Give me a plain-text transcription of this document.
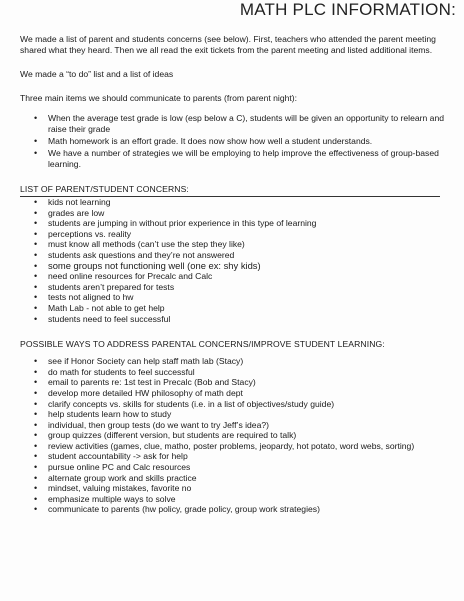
MATH PLC INFORMATION:

We made a list of parent and students concerns (see below). First, teachers who attended the parent meeting shared what they heard. Then we all read the exit tickets from the parent meeting and listed additional items.

We made a “to do” list and a list of ideas

Three main items we should communicate to parents (from parent night):

• When the average test grade is low (esp below a C), students will be given an opportunity to relearn and raise their grade
• Math homework is an effort grade. It does now show how well a student understands.
• We have a number of strategies we will be employing to help improve the effectiveness of group-based learning.
LIST OF PARENT/STUDENT CONCERNS:
• kids not learning
• grades are low
• students are jumping in without prior experience in this type of learning
• perceptions vs. reality
• must know all methods (can’t use the step they like)
• students ask questions and they’re not answered
• some groups not functioning well (one ex: shy kids)
• need online resources for Precalc and Calc
• students aren’t prepared for tests
• tests not aligned to hw
• Math Lab - not able to get help
• students need to feel successful
POSSIBLE WAYS TO ADDRESS PARENTAL CONCERNS/IMPROVE STUDENT LEARNING:
• see if Honor Society can help staff math lab (Stacy)
• do math for students to feel successful
• email to parents re: 1st test in Precalc (Bob and Stacy)
• develop more detailed HW philosophy of math dept
• clarify concepts vs. skills for students (i.e. in a list of objectives/study guide)
• help students learn how to study
• individual, then group tests (do we want to try Jeff’s idea?)
• group quizzes (different version, but students are required to talk)
• review activities (games, clue, matho, poster problems, jeopardy, hot potato, word webs, sorting)
• student accountability -> ask for help
• pursue online PC and Calc resources
• alternate group work and skills practice
• mindset, valuing mistakes, favorite no
• emphasize multiple ways to solve
• communicate to parents (hw policy, grade policy, group work strategies)
